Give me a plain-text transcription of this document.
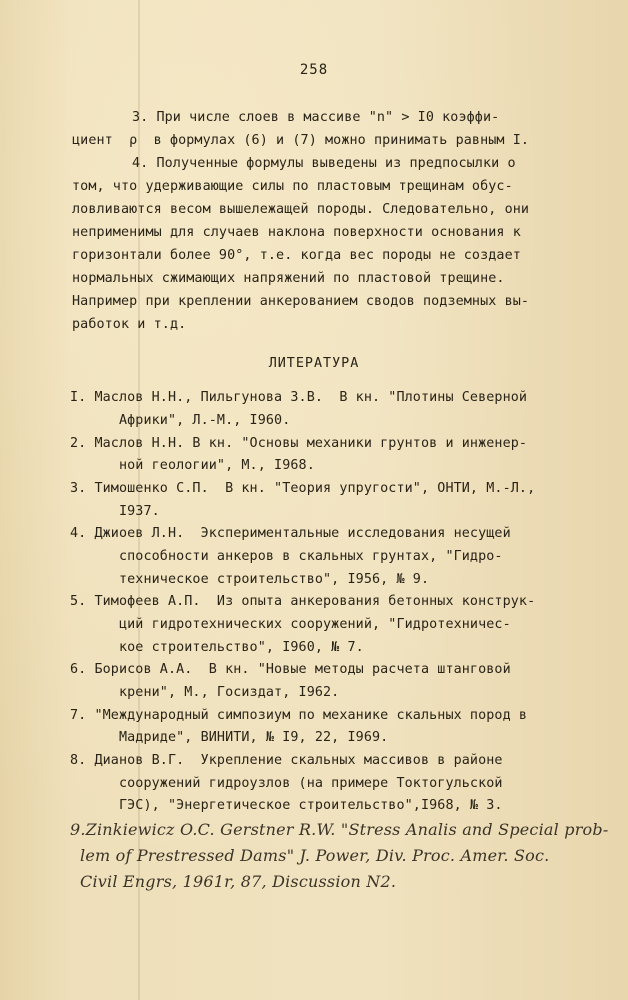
258
3. При числе слоев в массиве "n" > I0 коэффи-
циент  ρ  в формулах (6) и (7) можно принимать равным I.
4. Полученные формулы выведены из предпосылки о
том, что удерживающие силы по пластовым трещинам обус-
ловливаются весом вышележащей породы. Следовательно, они
неприменимы для случаев наклона поверхности основания к
горизонтали более 90°, т.е. когда вес породы не создает
нормальных сжимающих напряжений по пластовой трещине.
Например при креплении анкерованием сводов подземных вы-
работок и т.д.
ЛИТЕРАТУРА
I. Маслов Н.Н., Пильгунова З.В.  В кн. "Плотины Северной
Африки", Л.-М., I960.
2. Маслов Н.Н. В кн. "Основы механики грунтов и инженер-
ной геологии", М., I968.
3. Тимошенко С.П.  В кн. "Теория упругости", ОНТИ, М.-Л.,
I937.
4. Джиоев Л.Н.  Экспериментальные исследования несущей
способности анкеров в скальных грунтах, "Гидро-
техническое строительство", I956, № 9.
5. Тимофеев А.П.  Из опыта анкерования бетонных конструк-
ций гидротехнических сооружений, "Гидротехничес-
кое строительство", I960, № 7.
6. Борисов А.А.  В кн. "Новые методы расчета штанговой
крени", М., Госиздат, I962.
7. "Международный симпозиум по механике скальных пород в
Мадриде", ВИНИТИ, № I9, 22, I969.
8. Дианов В.Г.  Укрепление скальных массивов в районе
сооружений гидроузлов (на примере Токтогульской
ГЭС), "Энергетическое строительство",I968, № 3.
9.Zinkiewicz O.C. Gerstner R.W. "Stress Analis and Special prob-
lem of Prestressed Dams" J. Power, Div. Proc. Amer. Soc.
Civil Engrs, 1961r, 87, Discussion N2.
